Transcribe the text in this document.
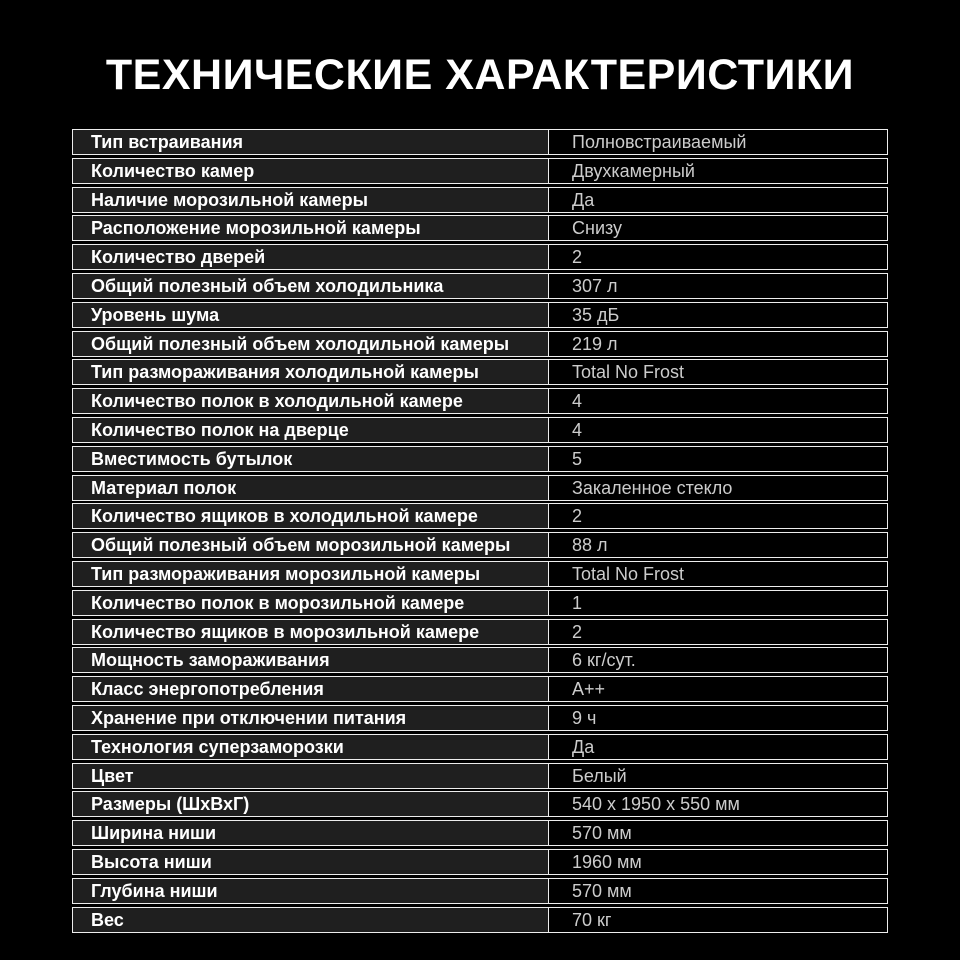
ТЕХНИЧЕСКИЕ ХАРАКТЕРИСТИКИ
Тип встраивания	Полновстраиваемый
Количество камер	Двухкамерный
Наличие морозильной камеры	Да
Расположение морозильной камеры	Снизу
Количество дверей	2
Общий полезный объем холодильника	307 л
Уровень шума	35 дБ
Общий полезный объем холодильной камеры	219 л
Тип размораживания холодильной камеры	Total No Frost
Количество полок в холодильной камере	4
Количество полок на дверце	4
Вместимость бутылок	5
Материал полок	Закаленное стекло
Количество ящиков в холодильной камере	2
Общий полезный объем морозильной камеры	88 л
Тип размораживания морозильной камеры	Total No Frost
Количество полок в морозильной камере	1
Количество ящиков в морозильной камере	2
Мощность замораживания	6 кг/сут.
Класс энергопотребления	A++
Хранение при отключении питания	9 ч
Технология суперзаморозки	Да
Цвет	Белый
Размеры (ШхВхГ)	540 x 1950 x 550 мм
Ширина ниши	570 мм
Высота ниши	1960 мм
Глубина ниши	570 мм
Вес	70 кг
